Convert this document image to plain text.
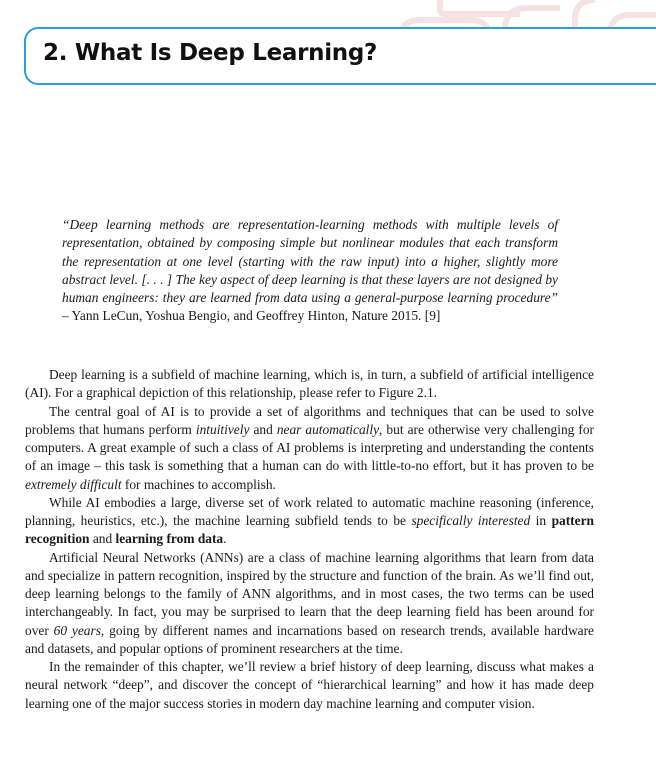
2. What Is Deep Learning?

“Deep learning methods are representation-learning methods with multiple levels of representation, obtained by composing simple but nonlinear modules that each transform the representation at one level (starting with the raw input) into a higher, slightly more abstract level. [. . . ] The key aspect of deep learning is that these layers are not designed by human engineers: they are learned from data using a general-purpose learning procedure” – Yann LeCun, Yoshua Bengio, and Geoffrey Hinton, Nature 2015. [9]

Deep learning is a subfield of machine learning, which is, in turn, a subfield of artificial intelligence (AI). For a graphical depiction of this relationship, please refer to Figure 2.1.

The central goal of AI is to provide a set of algorithms and techniques that can be used to solve problems that humans perform intuitively and near automatically, but are otherwise very challenging for computers. A great example of such a class of AI problems is interpreting and understanding the contents of an image – this task is something that a human can do with little-to-no effort, but it has proven to be extremely difficult for machines to accomplish.

While AI embodies a large, diverse set of work related to automatic machine reasoning (inference, planning, heuristics, etc.), the machine learning subfield tends to be specifically interested in pattern recognition and learning from data.

Artificial Neural Networks (ANNs) are a class of machine learning algorithms that learn from data and specialize in pattern recognition, inspired by the structure and function of the brain. As we’ll find out, deep learning belongs to the family of ANN algorithms, and in most cases, the two terms can be used interchangeably. In fact, you may be surprised to learn that the deep learning field has been around for over 60 years, going by different names and incarnations based on research trends, available hardware and datasets, and popular options of prominent researchers at the time.

In the remainder of this chapter, we’ll review a brief history of deep learning, discuss what makes a neural network “deep”, and discover the concept of “hierarchical learning” and how it has made deep learning one of the major success stories in modern day machine learning and computer vision.
